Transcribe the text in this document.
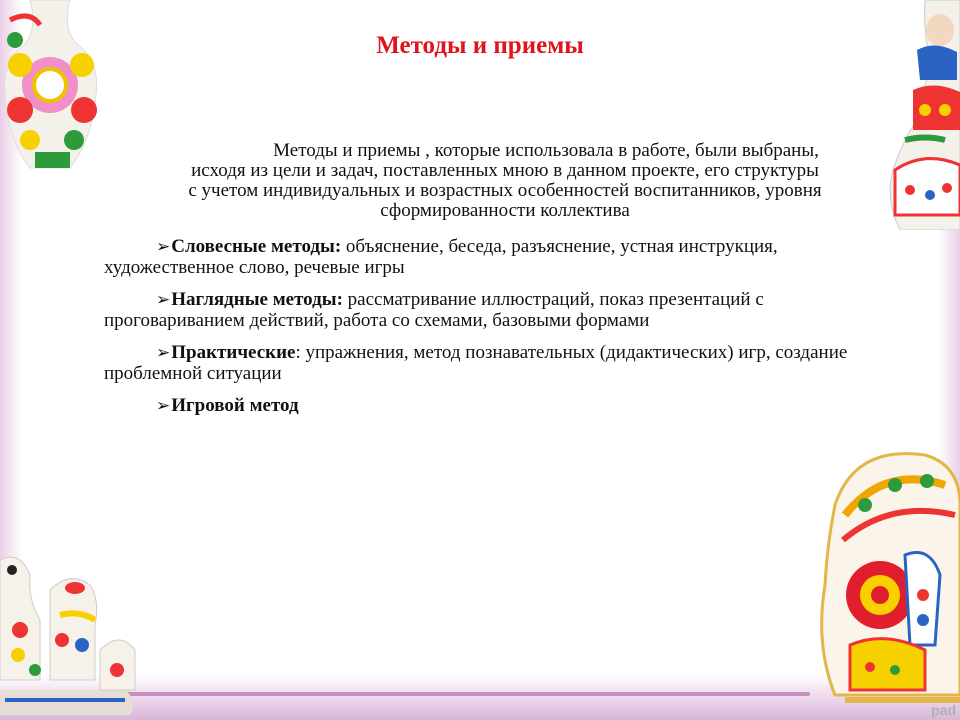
Методы и приемы
Методы и приемы , которые использовала в работе, были выбраны,
исходя из цели и задач, поставленных мною в данном проекте, его структуры
с учетом индивидуальных и возрастных особенностей воспитанников, уровня
сформированности коллектива
➢Словесные методы: объяснение, беседа, разъяснение, устная инструкция, художественное слово, речевые игры
➢Наглядные методы: рассматривание иллюстраций, показ презентаций с проговариванием действий, работа со схемами, базовыми формами
➢Практические: упражнения, метод познавательных (дидактических) игр, создание проблемной ситуации
➢Игровой метод
pad
